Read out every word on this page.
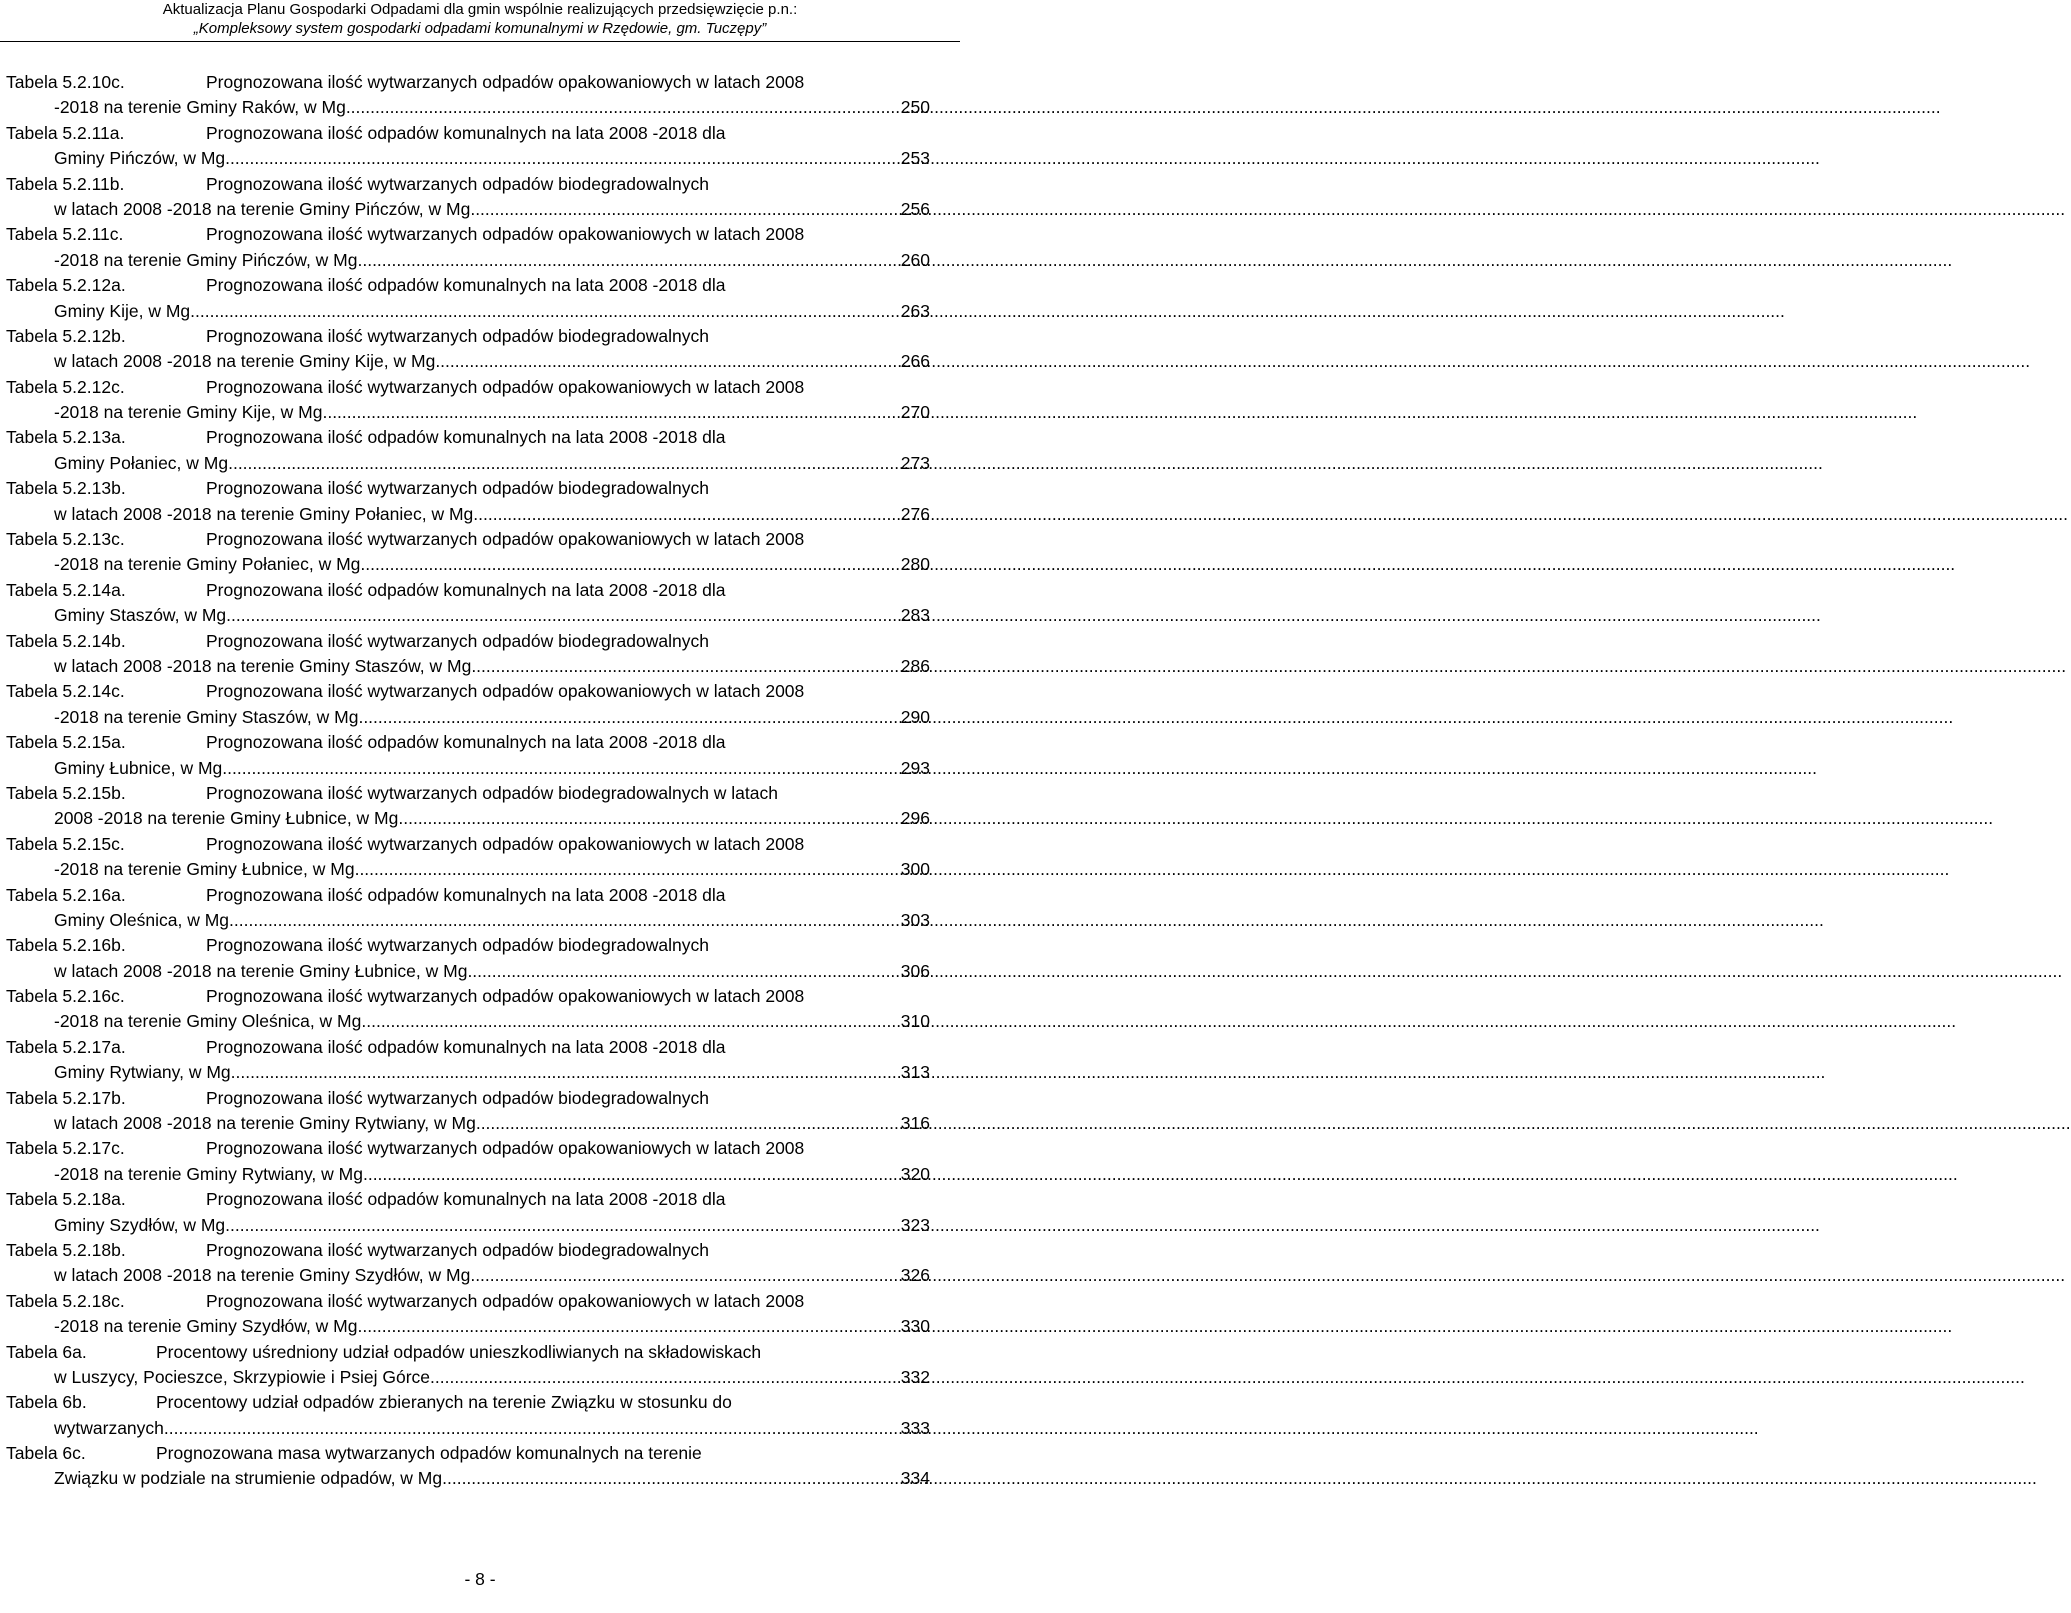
Aktualizacja Planu Gospodarki Odpadami dla gmin wspólnie realizujących przedsięwzięcie p.n.:
„Kompleksowy system gospodarki odpadami komunalnymi w Rzędowie, gm. Tuczępy”
Tabela 5.2.10c.	Prognozowana ilość wytwarzanych odpadów opakowaniowych w latach 2008
-2018 na terenie Gminy Raków, w Mg .....	250
Tabela 5.2.11a.	Prognozowana ilość odpadów komunalnych na lata 2008 -2018 dla
Gminy Pińczów, w Mg .....	253
Tabela 5.2.11b.	Prognozowana ilość wytwarzanych odpadów biodegradowalnych
w latach 2008 -2018 na terenie Gminy Pińczów, w Mg .....	256
Tabela 5.2.11c.	Prognozowana ilość wytwarzanych odpadów opakowaniowych w latach 2008
-2018 na terenie Gminy Pińczów, w Mg .....	260
Tabela 5.2.12a.	Prognozowana ilość odpadów komunalnych na lata 2008 -2018 dla
Gminy Kije, w Mg .....	263
Tabela 5.2.12b.	Prognozowana ilość wytwarzanych odpadów biodegradowalnych
w latach 2008 -2018 na terenie Gminy Kije, w Mg .....	266
Tabela 5.2.12c.	Prognozowana ilość wytwarzanych odpadów opakowaniowych w latach 2008
-2018 na terenie Gminy Kije, w Mg .....	270
Tabela 5.2.13a.	Prognozowana ilość odpadów komunalnych na lata 2008 -2018 dla
Gminy Połaniec, w Mg .....	273
Tabela 5.2.13b.	Prognozowana ilość wytwarzanych odpadów biodegradowalnych
w latach 2008 -2018 na terenie Gminy Połaniec, w Mg .....	276
Tabela 5.2.13c.	Prognozowana ilość wytwarzanych odpadów opakowaniowych w latach 2008
-2018 na terenie Gminy Połaniec, w Mg .....	280
Tabela 5.2.14a.	Prognozowana ilość odpadów komunalnych na lata 2008 -2018 dla
Gminy Staszów, w Mg .....	283
Tabela 5.2.14b.	Prognozowana ilość wytwarzanych odpadów biodegradowalnych
w latach 2008 -2018 na terenie Gminy Staszów, w Mg .....	286
Tabela 5.2.14c.	Prognozowana ilość wytwarzanych odpadów opakowaniowych w latach 2008
-2018 na terenie Gminy Staszów, w Mg .....	290
Tabela 5.2.15a.	Prognozowana ilość odpadów komunalnych na lata 2008 -2018 dla
Gminy Łubnice, w Mg .....	293
Tabela 5.2.15b.	Prognozowana ilość wytwarzanych odpadów biodegradowalnych w latach
2008 -2018 na terenie Gminy Łubnice, w Mg .....	296
Tabela 5.2.15c.	Prognozowana ilość wytwarzanych odpadów opakowaniowych w latach 2008
-2018 na terenie Gminy Łubnice, w Mg .....	300
Tabela 5.2.16a.	Prognozowana ilość odpadów komunalnych na lata 2008 -2018 dla
Gminy Oleśnica, w Mg .....	303
Tabela 5.2.16b.	Prognozowana ilość wytwarzanych odpadów biodegradowalnych
w latach 2008 -2018 na terenie Gminy Łubnice, w Mg .....	306
Tabela 5.2.16c.	Prognozowana ilość wytwarzanych odpadów opakowaniowych w latach 2008
-2018 na terenie Gminy Oleśnica, w Mg .....	310
Tabela 5.2.17a.	Prognozowana ilość odpadów komunalnych na lata 2008 -2018 dla
Gminy Rytwiany, w Mg .....	313
Tabela 5.2.17b.	Prognozowana ilość wytwarzanych odpadów biodegradowalnych
w latach 2008 -2018 na terenie Gminy Rytwiany, w Mg .....	316
Tabela 5.2.17c.	Prognozowana ilość wytwarzanych odpadów opakowaniowych w latach 2008
-2018 na terenie Gminy Rytwiany, w Mg .....	320
Tabela 5.2.18a.	Prognozowana ilość odpadów komunalnych na lata 2008 -2018 dla
Gminy Szydłów, w Mg .....	323
Tabela 5.2.18b.	Prognozowana ilość wytwarzanych odpadów biodegradowalnych
w latach 2008 -2018 na terenie Gminy Szydłów, w Mg .....	326
Tabela 5.2.18c.	Prognozowana ilość wytwarzanych odpadów opakowaniowych w latach 2008
-2018 na terenie Gminy Szydłów, w Mg .....	330
Tabela 6a.	Procentowy uśredniony udział odpadów unieszkodliwianych na składowiskach
w Luszycy, Pocieszce, Skrzypiowie i Psiej Górce .....	332
Tabela 6b.	Procentowy udział odpadów zbieranych na terenie Związku w stosunku do
wytwarzanych .....	333
Tabela 6c.	Prognozowana masa wytwarzanych odpadów komunalnych na terenie
Związku w podziale na strumienie odpadów, w Mg .....	334
- 8 -
